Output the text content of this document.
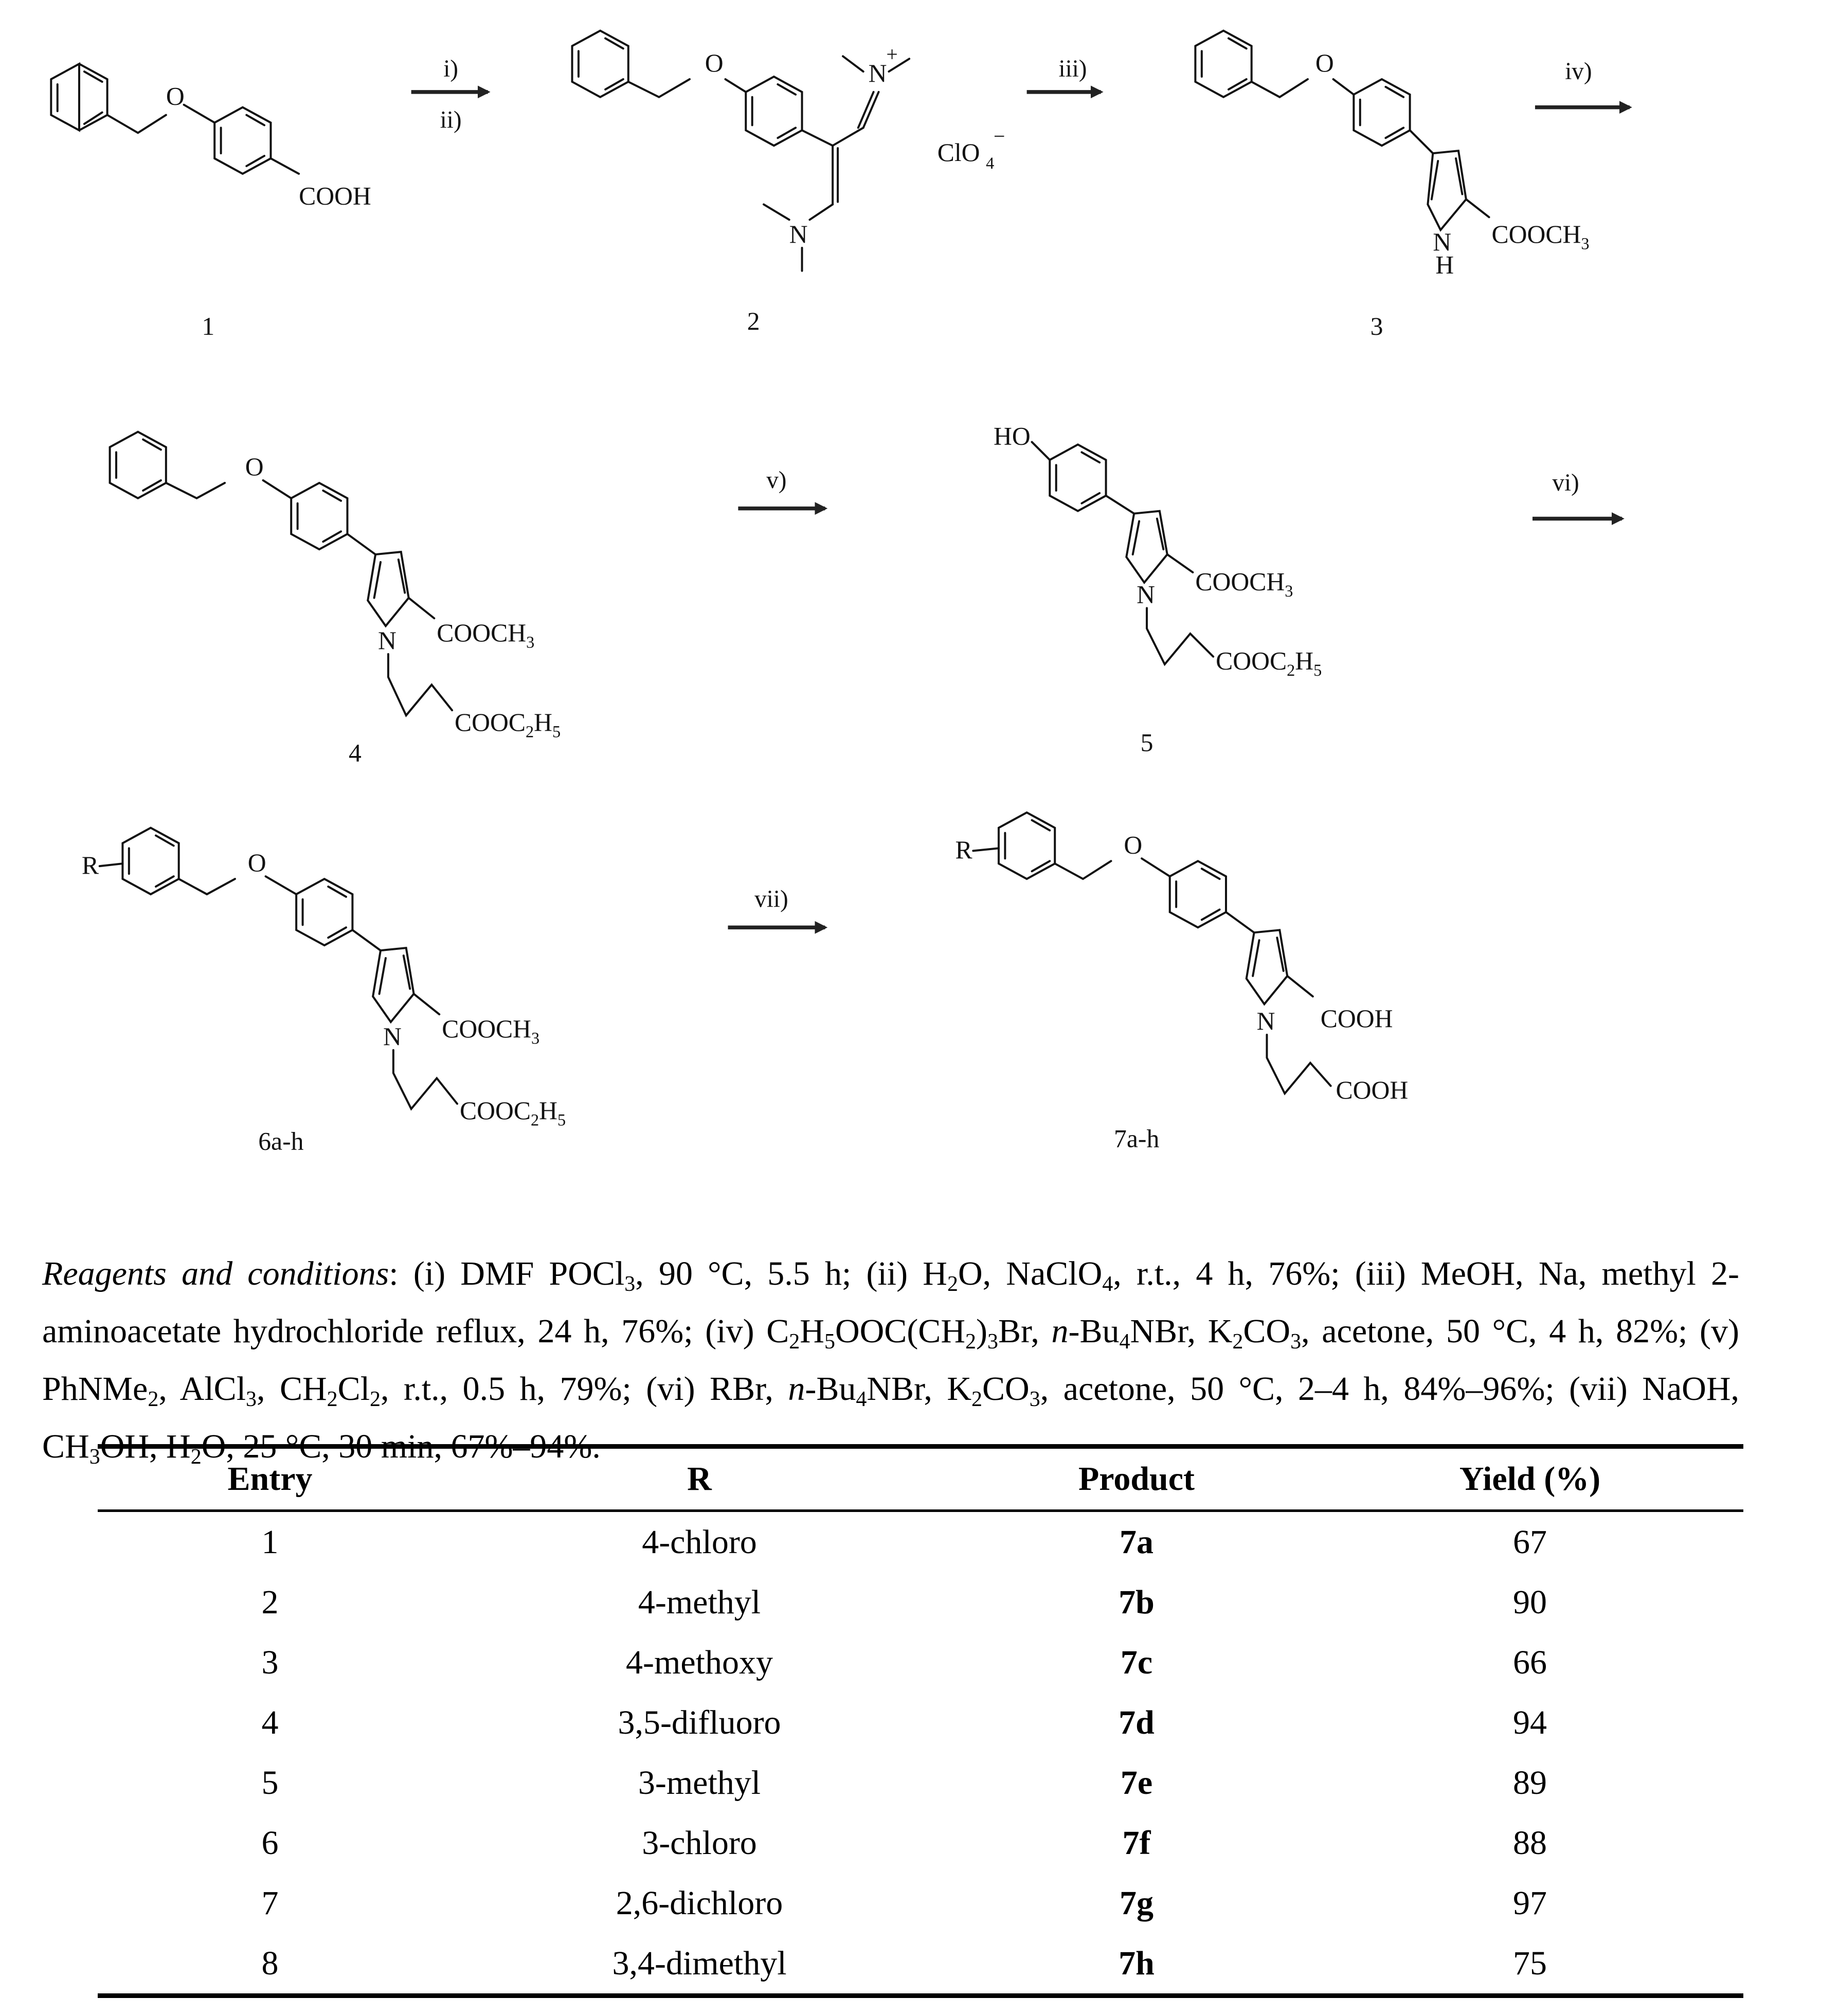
O
COOH
1
i)
ii)
O	N
+
N
ClO 4
−
2
iii)	O
N
H
$COOCH_3$
3
iv)
O
N	$COOCH_3$
$COOC_2H_5$
4
v)
HO
N	$COOCH_3$
$COOC_2H_5$
5
vi)
R	O
N	$COOCH_3$
$COOC_2H_5$
6a-h
vii)
R	O
N	COOH
COOH
7a-h

Reagents and conditions: (i) DMF POCl$_3$, 90 °C, 5.5 h; (ii) $H_2O$, NaClO$_4$, r.t., 4 h, 76%; (iii) MeOH, Na, methyl 2-aminoacetate hydrochloride reflux, 24 h, 76%; (iv) $C_2H_5OOC(CH_2)_3Br$, $n-Bu_4NBr$, $K_2CO_3$, acetone, 50 °C, 4 h, 82%; (v) PhNMe$_2$, AlCl$_3$, $CH_2Cl_2$, r.t., 0.5 h, 79%; (vi) RBr, $n-Bu_4NBr$, $K_2CO_3$, acetone, 50 °C, 2–4 h, 84%–96%; (vii) NaOH, $CH_3OH$, $H_2O$, 25 °C, 30 min, 67%–94%.

Entry	R	Product	Yield (%)
1	4-chloro	7a	67
2	4-methyl	7b	90
3	4-methoxy	7c	66
4	3,5-difluoro	7d	94
5	3-methyl	7e	89
6	3-chloro	7f	88
7	2,6-dichloro	7g	97
8	3,4-dimethyl	7h	75
